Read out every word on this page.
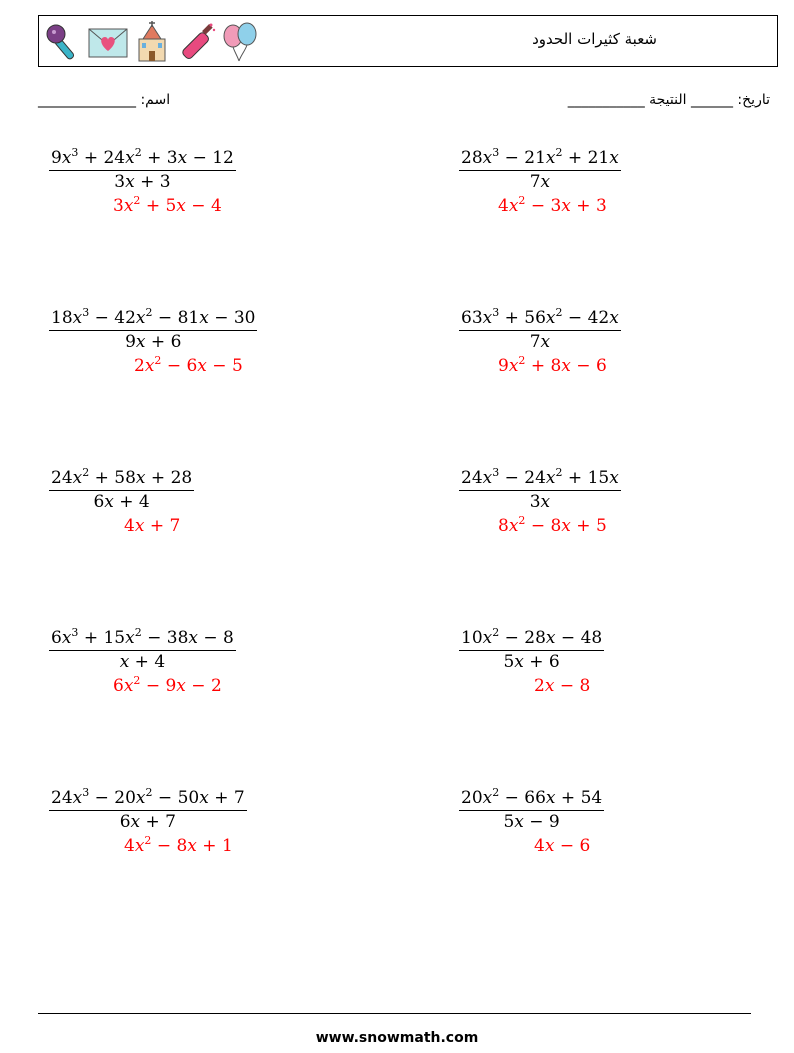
شعبة كثيرات الحدود
اسم: ______________	تاريخ: ______ النتيجة ___________
$9x^3 + 24x^2 + 3x - 12$
3x + 3
$3x^2 + 5x - 4$
$28x^3 - 21x^2 + 21x$
7x
$4x^2 - 3x + 3$
$18x^3 - 42x^2 - 81x - 30$
9x + 6
$2x^2 - 6x - 5$
$63x^3 + 56x^2 - 42x$
7x
$9x^2 + 8x - 6$
$24x^2 + 58x + 28$
6x + 4
4x + 7
$24x^3 - 24x^2 + 15x$
3x
$8x^2 - 8x + 5$
$6x^3 + 15x^2 - 38x - 8$
x + 4
$6x^2 - 9x - 2$
$10x^2 - 28x - 48$
5x + 6
2x − 8
$24x^3 - 20x^2 - 50x + 7$
6x + 7
$4x^2 - 8x + 1$
$20x^2 - 66x + 54$
5x − 9
4x − 6
www.snowmath.com
